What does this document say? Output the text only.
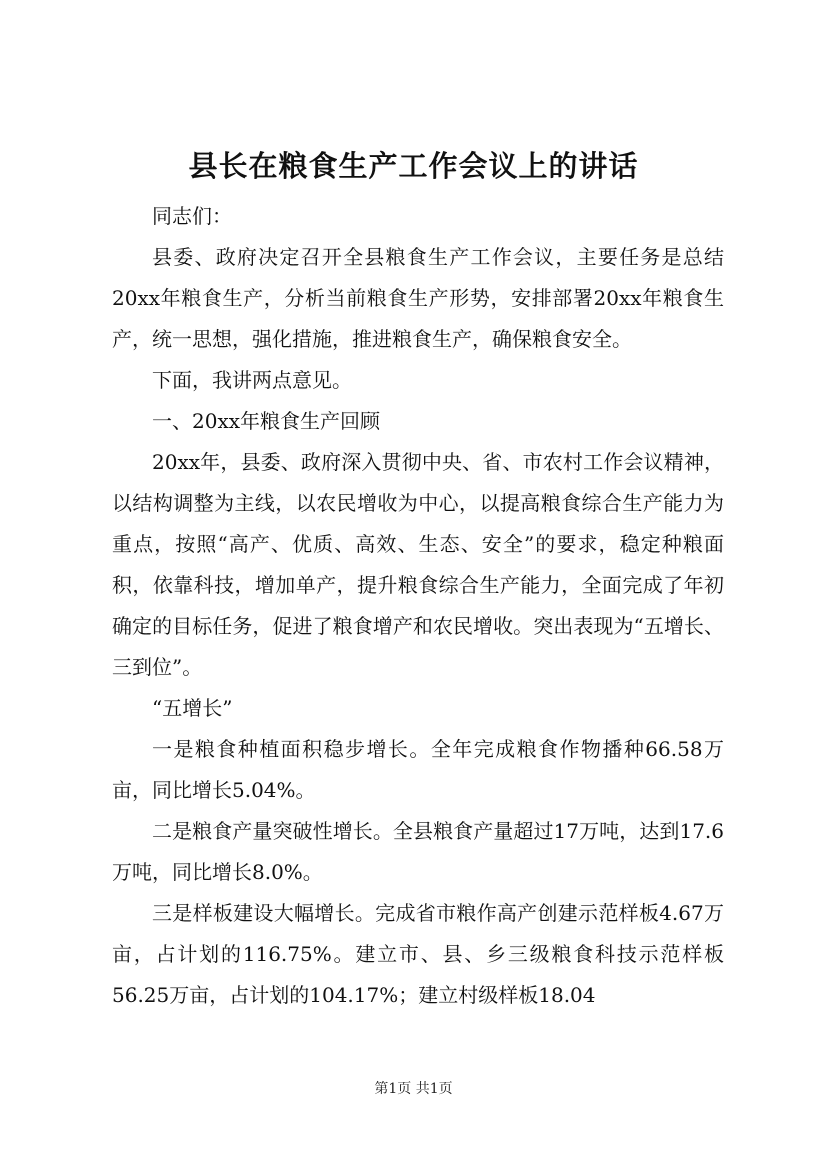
县长在粮食生产工作会议上的讲话

同志们：

县委、政府决定召开全县粮食生产工作会议，主要任务是总结20xx年粮食生产，分析当前粮食生产形势，安排部署20xx年粮食生产，统一思想，强化措施，推进粮食生产，确保粮食安全。

下面，我讲两点意见。

一、20xx年粮食生产回顾

20xx年，县委、政府深入贯彻中央、省、市农村工作会议精神，以结构调整为主线，以农民增收为中心，以提高粮食综合生产能力为重点，按照“高产、优质、高效、生态、安全”的要求，稳定种粮面积，依靠科技，增加单产，提升粮食综合生产能力，全面完成了年初确定的目标任务，促进了粮食增产和农民增收。突出表现为“五增长、三到位”。

“五增长”

一是粮食种植面积稳步增长。全年完成粮食作物播种66.58万亩，同比增长5.04%。

二是粮食产量突破性增长。全县粮食产量超过17万吨，达到17.6万吨，同比增长8.0%。

三是样板建设大幅增长。完成省市粮作高产创建示范样板4.67万亩，占计划的116.75%。建立市、县、乡三级粮食科技示范样板56.25万亩，占计划的104.17%；建立村级样板18.04

第1页 共1页
